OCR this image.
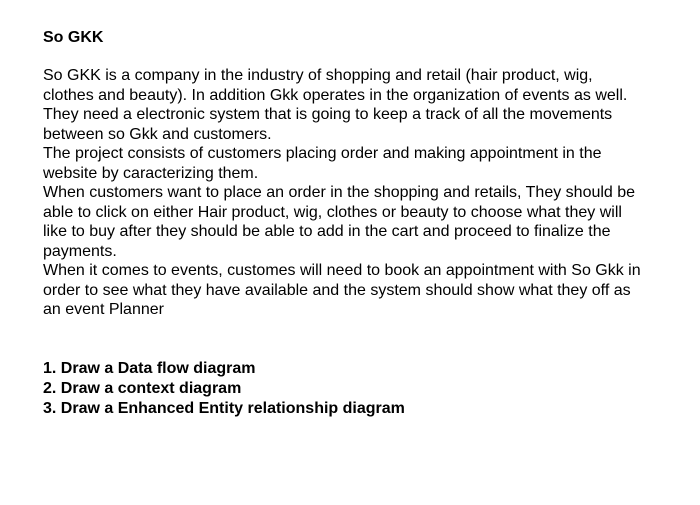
So GKK

So GKK is a company in the industry of shopping and retail (hair product, wig,
clothes and beauty). In addition Gkk operates in the organization of events as well.
They need a electronic system that is going to keep a track of all the movements
between so Gkk and customers.

The project consists of customers placing order and making appointment in the
website by caracterizing them.

When customers want to place an order in the shopping and retails, They should be
able to click on either Hair product, wig, clothes or beauty to choose what they will
like to buy after they should be able to add in the cart and proceed to finalize the
payments.

When it comes to events, customes will need to book an appointment with So Gkk in
order to see what they have available and the system should show what they off as
an event Planner

1. Draw a Data flow diagram
2. Draw a context diagram
3. Draw a Enhanced Entity relationship diagram
